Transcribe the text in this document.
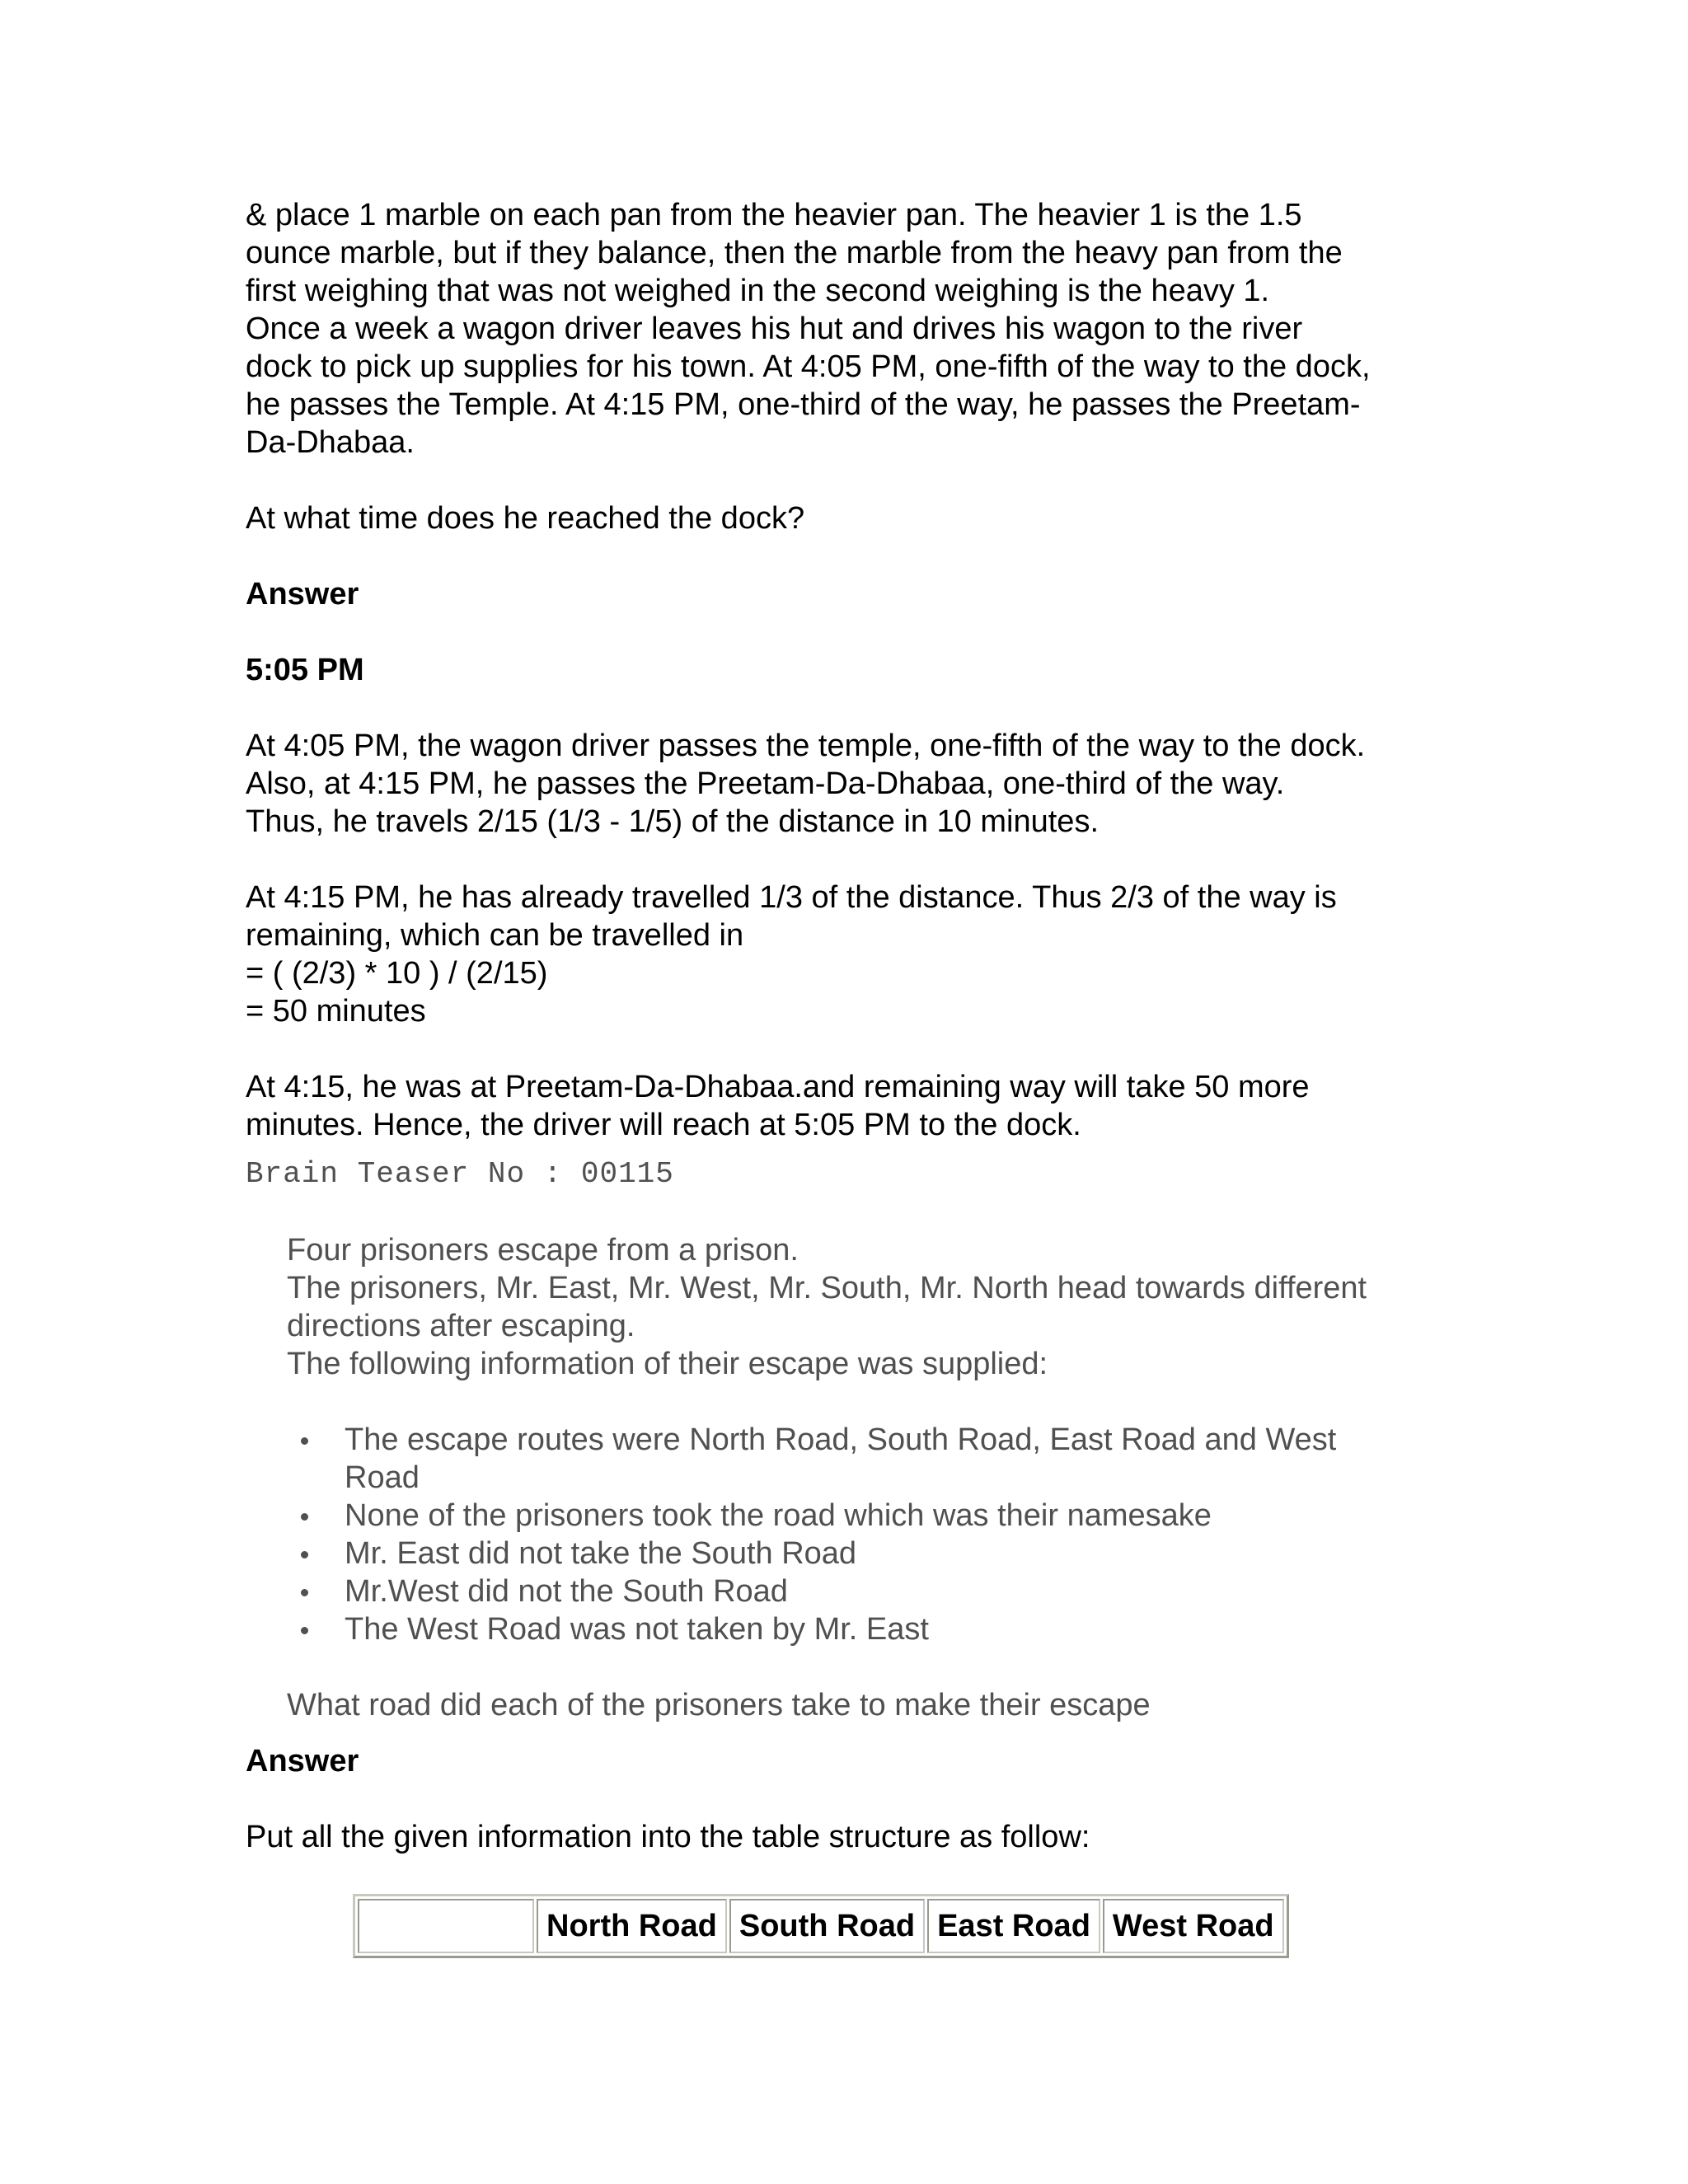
& place 1 marble on each pan from the heavier pan. The heavier 1 is the 1.5

ounce marble, but if they balance, then the marble from the heavy pan from the

first weighing that was not weighed in the second weighing is the heavy 1.

Once a week a wagon driver leaves his hut and drives his wagon to the river

dock to pick up supplies for his town. At 4:05 PM, one-fifth of the way to the dock,

he passes the Temple. At 4:15 PM, one-third of the way, he passes the Preetam-

Da-Dhabaa.

At what time does he reached the dock?

Answer

5:05 PM

At 4:05 PM, the wagon driver passes the temple, one-fifth of the way to the dock.

Also, at 4:15 PM, he passes the Preetam-Da-Dhabaa, one-third of the way.

Thus, he travels 2/15 (1/3 - 1/5) of the distance in 10 minutes.

At 4:15 PM, he has already travelled 1/3 of the distance. Thus 2/3 of the way is

remaining, which can be travelled in

= ( (2/3) * 10 ) / (2/15)

= 50 minutes

At 4:15, he was at Preetam-Da-Dhabaa.and remaining way will take 50 more

minutes. Hence, the driver will reach at 5:05 PM to the dock.

Brain Teaser No : 00115

Four prisoners escape from a prison.

The prisoners, Mr. East, Mr. West, Mr. South, Mr. North head towards different

directions after escaping.

The following information of their escape was supplied:

The escape routes were North Road, South Road, East Road and West
Road
None of the prisoners took the road which was their namesake
Mr. East did not take the South Road
Mr.West did not the South Road
The West Road was not taken by Mr. East

What road did each of the prisoners take to make their escape

Answer

Put all the given information into the table structure as follow:

	North Road	South Road	East Road	West Road
